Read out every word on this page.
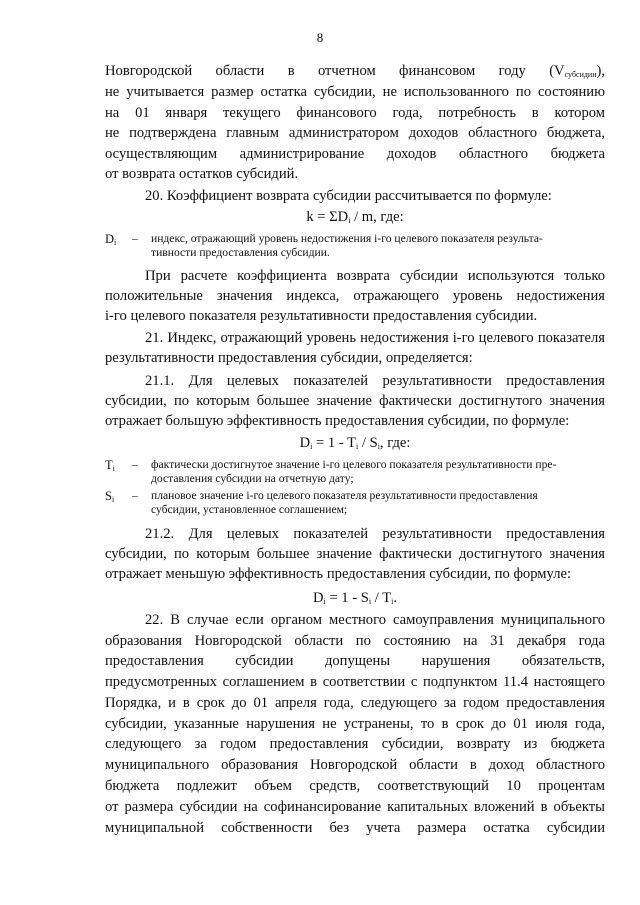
8
Новгородской области в отчетном финансовом году $(V_{субсидии})$,
не учитывается размер остатка субсидии, не использованного по состоянию
на 01 января текущего финансового года, потребность в котором
не подтверждена главным администратором доходов областного бюджета,
осуществляющим администрирование доходов областного бюджета
от возврата остатков субсидий.
20. Коэффициент возврата субсидии рассчитывается по формуле:
$k = \Sigma D_i / m$, где:
$D_i$ – индекс, отражающий уровень недостижения i-го целевого показателя результа-
тивности предоставления субсидии.
При расчете коэффициента возврата субсидии используются только
положительные значения индекса, отражающего уровень недостижения
i-го целевого показателя результативности предоставления субсидии.
21. Индекс, отражающий уровень недостижения i-го целевого показателя
результативности предоставления субсидии, определяется:
21.1. Для целевых показателей результативности предоставления
субсидии, по которым большее значение фактически достигнутого значения
отражает большую эффективность предоставления субсидии, по формуле:
$D_i = 1 - T_i / S_i$, где:
$T_i$ – фактически достигнутое значение i-го целевого показателя результативности пре-
доставления субсидии на отчетную дату;
$S_i$ – плановое значение i-го целевого показателя результативности предоставления
субсидии, установленное соглашением;
21.2. Для целевых показателей результативности предоставления
субсидии, по которым большее значение фактически достигнутого значения
отражает меньшую эффективность предоставления субсидии, по формуле:
$D_i = 1 - S_i / T_i$.
22. В случае если органом местного самоуправления муниципального
образования Новгородской области по состоянию на 31 декабря года
предоставления субсидии допущены нарушения обязательств,
предусмотренных соглашением в соответствии с подпунктом 11.4 настоящего
Порядка, и в срок до 01 апреля года, следующего за годом предоставления
субсидии, указанные нарушения не устранены, то в срок до 01 июля года,
следующего за годом предоставления субсидии, возврату из бюджета
муниципального образования Новгородской области в доход областного
бюджета подлежит объем средств, соответствующий 10 процентам
от размера субсидии на софинансирование капитальных вложений в объекты
муниципальной собственности без учета размера остатка субсидии
